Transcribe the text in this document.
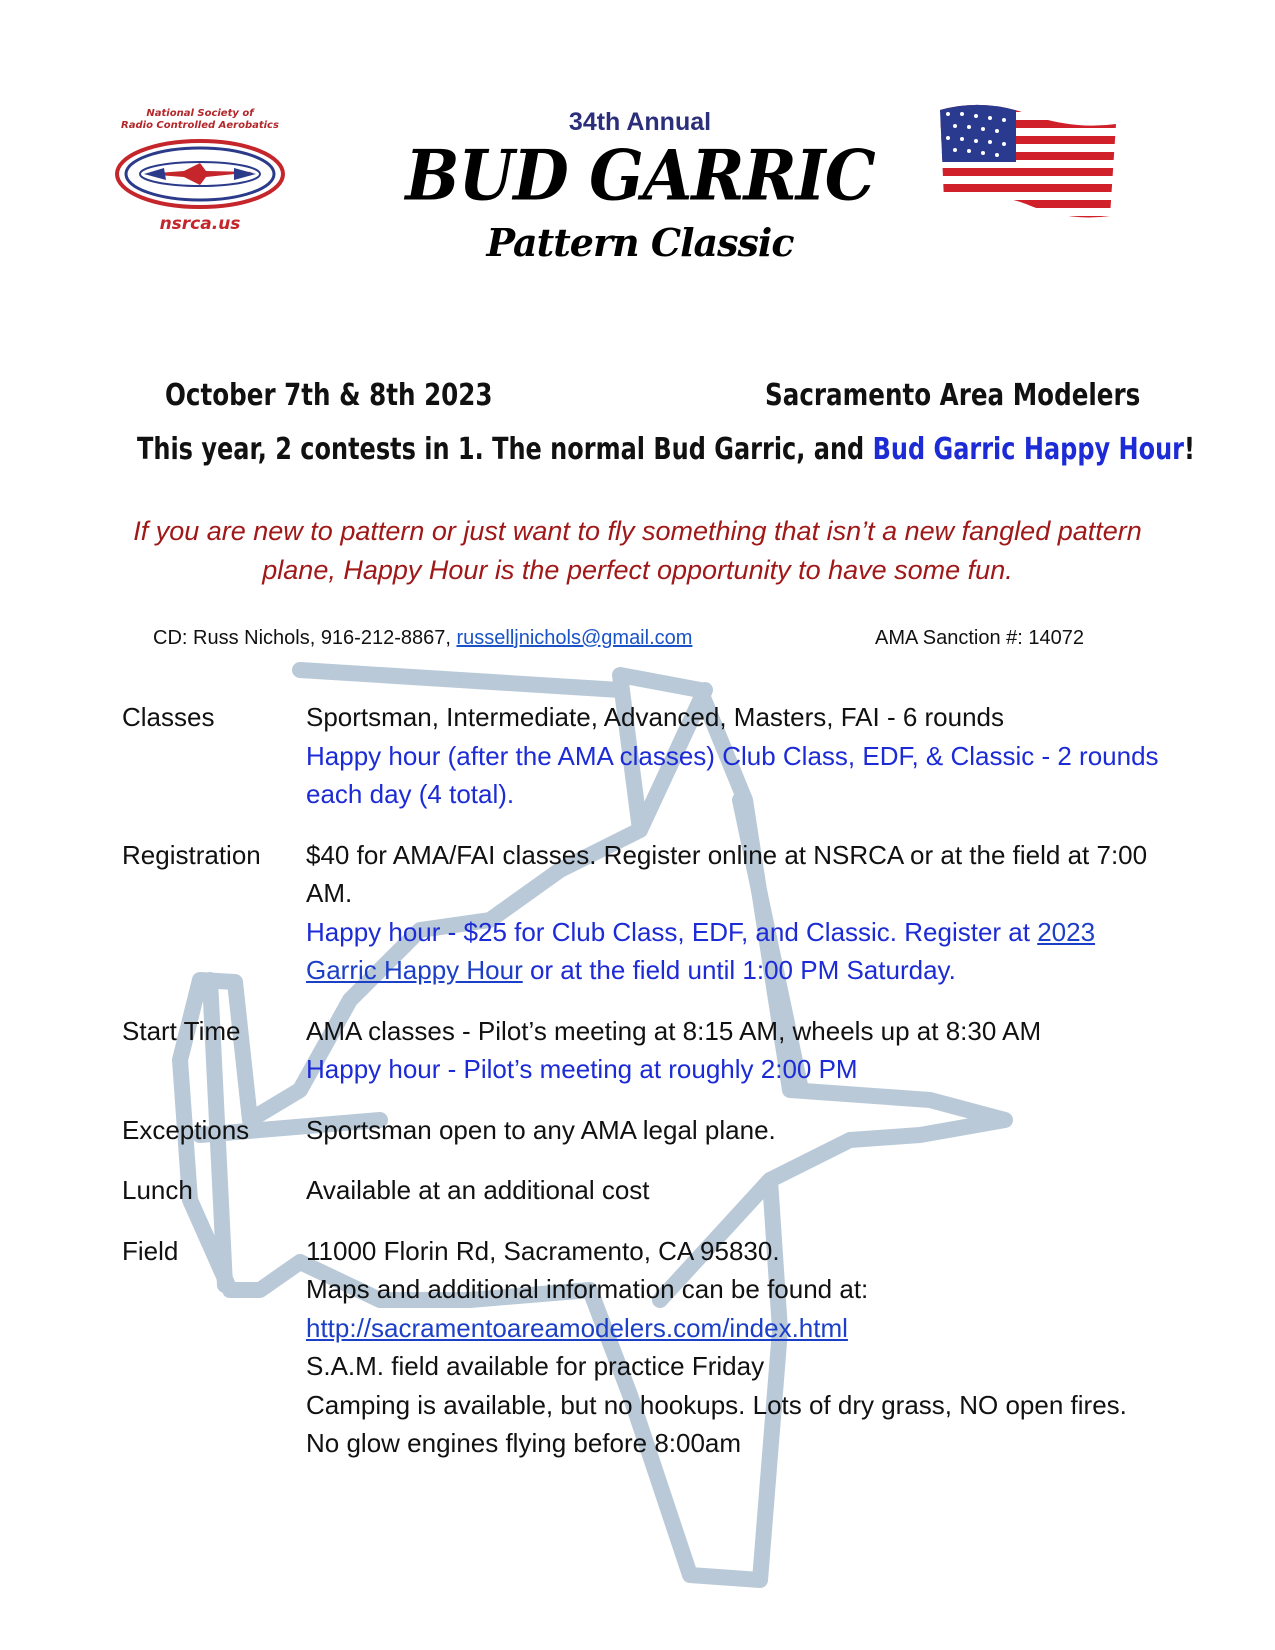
National Society of
Radio Controlled Aerobatics
nsrca.us
34th Annual
BUD GARRIC
Pattern Classic
October 7th & 8th 2023	Sacramento Area Modelers
This year, 2 contests in 1. The normal Bud Garric, and Bud Garric Happy Hour!
If you are new to pattern or just want to fly something that isn’t a new fangled pattern plane, Happy Hour is the perfect opportunity to have some fun.
CD: Russ Nichols, 916-212-8867, russelljnichols@gmail.com	AMA Sanction #: 14072
Classes	Sportsman, Intermediate, Advanced, Masters, FAI - 6 rounds
Happy hour (after the AMA classes) Club Class, EDF, & Classic - 2 rounds each day (4 total).
Registration	$40 for AMA/FAI classes. Register online at NSRCA or at the field at 7:00 AM.
Happy hour - $25 for Club Class, EDF, and Classic. Register at 2023 Garric Happy Hour or at the field until 1:00 PM Saturday.
Start Time	AMA classes - Pilot’s meeting at 8:15 AM, wheels up at 8:30 AM
Happy hour - Pilot’s meeting at roughly 2:00 PM
Exceptions	Sportsman open to any AMA legal plane.
Lunch	Available at an additional cost
Field	11000 Florin Rd, Sacramento, CA 95830.
Maps and additional information can be found at:
http://sacramentoareamodelers.com/index.html
S.A.M. field available for practice Friday
Camping is available, but no hookups. Lots of dry grass, NO open fires.
No glow engines flying before 8:00am
